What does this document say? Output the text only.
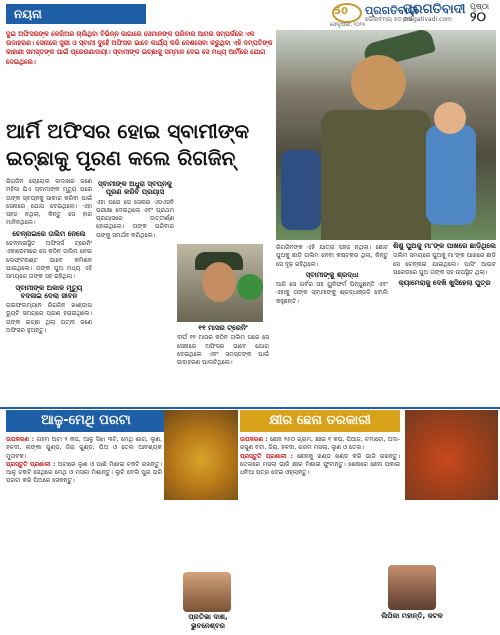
ନୟନା	50 ପ୍ରଗତିବାଦୀ
ଗୌରବମୟ ୫୦ ବର୍ଷ
ପ୍ରଗତିବାଦୀ
pragativadi.com
ପୃଷ୍ଠା
୨୦
ଫେବୃଆରୀ, ୨୦୨୫
ଦୁଇ ଅଫିସରଙ୍କ କେରିଅର ଚାଲିଥିବା ବିଭିନ୍ନ ଜାଗାରେ ସେମାନଙ୍କ ପରିବାର ଆମର ସମ୍ପର୍କରେ ଏକ ଉଦାହରଣ। ସେନାରେ ସ୍ତ୍ରୀ ଓ ସ୍ବାମୀ ଦୁହେଁ ଅଫିସର ଭାବେ କାର୍ଯ୍ୟ କରି ଦେଶସେବା କରୁଥିବା ଏହି ଦମ୍ପତିଙ୍କ କାହାଣୀ ସମସ୍ତଙ୍କ ପାଇଁ ପ୍ରେରଣାଦାୟୀ। ସ୍ବାମୀଙ୍କ ଇଚ୍ଛାକୁ ସମ୍ମାନ ଦେଇ ସେ ମଧ୍ୟ ଆର୍ମିରେ ଯୋଗ ଦେଇଥିଲେ।
ଆର୍ମି ଅଫିସର ହୋଇ ସ୍ବାମୀଙ୍କ ଇଚ୍ଛାକୁ ପୂରଣ କଲେ ରିଗଜିନ୍
ରିଗଜିନ ଚୋରୋଲ ଲଦାଖର ଜଣେ ମହିଳା ଯିଏ ସ୍ବାମୀଙ୍କ ମୃତ୍ୟୁ ପରେ ତାଙ୍କ ସ୍ବପ୍ନକୁ ସାକାର କରିବା ପାଇଁ ସେନାରେ ଯୋଗ ଦେଇଥିଲେ। ଏହା ସହଜ ନଥିଲା, କିନ୍ତୁ ସେ ହାର ମାନିନଥିଲେ।
ଚେନ୍ନାଇରେ ତାଲିମ ନେଲେ
ଚେନ୍ନାଇସ୍ଥିତ ଅଫିସର୍ସ ଟ୍ରେନିଂ ଏକାଡେମୀରେ ସେ କଠିନ ତାଲିମ ନେଇ ଲେଫ୍ଟନାଣ୍ଟ ଭାବେ କମିଶନ ପାଇଥିଲେ। ତାଙ୍କ ପୁଅ ମଧ୍ୟ ଏହି ସମୟରେ ତାଙ୍କ ସହ ରହିଥିଲା।
ସ୍ବାମୀଙ୍କ ଅକାଳ ମୃତ୍ୟୁ ବଦଳାଇ ଦେଲା ଜୀବନ
ରାଇଫଲମ୍ୟାନ ରିଗଜିନ ଖାଣ୍ଡାପ ଡ୍ୟୁଟି ସମୟରେ ପ୍ରାଣ ହରାଇଥିଲେ। ତାଙ୍କ ଇଚ୍ଛା ଥିଲା ପତ୍ନୀ ଜଣେ ଅଫିସର ହୁଅନ୍ତୁ।
ସ୍ବାମୀଙ୍କ ଅଧୁରା ସ୍ବପ୍ନକୁ ପୂରଣ କରିବି ପ୍ରୟାସ
ଏହା ପରେ ସେ ସେନାର ଏସଏସବି ପରୀକ୍ଷା ଦେଇଥିଲେ ଏବଂ ପ୍ରଥମ ପ୍ରୟାସରେ ଉତ୍ତୀର୍ଣ୍ଣ ହୋଇଥିଲେ। ତାଙ୍କ ପରିବାର ତାଙ୍କୁ ସମର୍ଥନ କରିଥିଲେ।
୧୧ ମାସର ଟ୍ରେନିଂ
ଦୀର୍ଘ ୧୧ ମାସର କଠିନ ତାଲିମ ପରେ ସେ ସେନାରେ ଅଫିସର ଭାବେ ଯୋଗ ଦେଇଥିଲେ ଏବଂ ସମସ୍ତଙ୍କ ପାଇଁ ଉଦାହରଣ ପାଲଟିଥିଲେ।
ରିଗଜିନଙ୍କ ଏହି ଯାତ୍ରା ସହଜ ନଥିଲା। ଛୋଟ ପୁଅକୁ ଛାଡ଼ି ତାଲିମ ନେବା କଷ୍ଟକର ଥିଲା, କିନ୍ତୁ ସେ ଦୃଢ଼ ରହିଥିଲେ।
ସ୍ବାମୀଙ୍କୁ ଶ୍ରଦ୍ଧା
ଆଜି ସେ ଗର୍ବର ସହ ୟୁନିଫର୍ମ ପିନ୍ଧୁଛନ୍ତି ଏବଂ ଏହାକୁ ତାଙ୍କ ସ୍ବାମୀଙ୍କୁ ଶ୍ରଦ୍ଧାଞ୍ଜଳି ବୋଲି କହୁଛନ୍ତି।
ଶିଶୁ ପୁଅକୁ ମା'ଙ୍କ ପାଖରେ ଛାଡ଼ିଥିଲେ
ତାଲିମ ସମୟରେ ପୁଅକୁ ମା'ଙ୍କ ପାଖରେ ଛାଡ଼ି ସେ ଚେନ୍ନାଇ ଯାଇଥିଲେ। ପାସିଂ ଆଉଟ ପରେଡରେ ପୁଅ ତାଙ୍କ ସହ ଉପସ୍ଥିତ ଥିଲା।
କ୍ୟାମେରାକୁ ଦେଖି ଖୁସିହେଲା ପୁତ୍ର
ଆଳୁ-ମେଥି ପରଟା
ଉପକରଣ : ଗହମ ଅଟା ୨ କପ, ଆଳୁ ସିଝା ୩ଟି, ମେଥି ଶାଗ, ଲୁଣ, ହଳଦୀ, ଲଙ୍କା ଗୁଣ୍ଡ, ଜିରା ଗୁଣ୍ଡ, ଘିଅ ଓ ତେଲ ଆବଶ୍ୟକ ମୁତାବକ।
ପ୍ରସ୍ତୁତି ପ୍ରଣାଳୀ : ଅଟାରେ ଲୁଣ ଓ ପାଣି ମିଶାଇ ଚକଟି ରଖନ୍ତୁ। ଆଳୁ ଚକଟି ସେଥିରେ ମେଥି ଓ ମସଲା ମିଶାନ୍ତୁ। ଲୁଚି ବେଲି ପୁର ଭରି ପରଟା କରି ଘିଅରେ ସେକନ୍ତୁ।
ପ୍ରତିଭା ଦାଶ, ଭୁବନେଶ୍ବର
କ୍ଷୀର ଛେନା ତରକାରୀ
ଉପକରଣ : ଛେନା ୨୫୦ ଗ୍ରାମ, କ୍ଷୀର ୧ କପ, ପିଆଜ, ଟମାଟୋ, ଅଦା-ରସୁଣ ବଟା, ଜିରା, ହଳଦୀ, ଗରମ ମସଲା, ଲୁଣ ଓ ତେଲ।
ପ୍ରସ୍ତୁତି ପ୍ରଣାଳୀ : ଛେନାକୁ ଖଣ୍ଡ ଖଣ୍ଡ କରି ଭାଜି ରଖନ୍ତୁ। ତେଲରେ ମସଲା ଭାଜି କ୍ଷୀର ମିଶାଇ ଫୁଟାନ୍ତୁ। ଶେଷରେ ଛେନା ପକାଇ ଧନିଆ ପତ୍ର ଦେଇ ଓହ୍ଲାନ୍ତୁ।
ଲିପିକା ମହାନ୍ତି, କଟକ
